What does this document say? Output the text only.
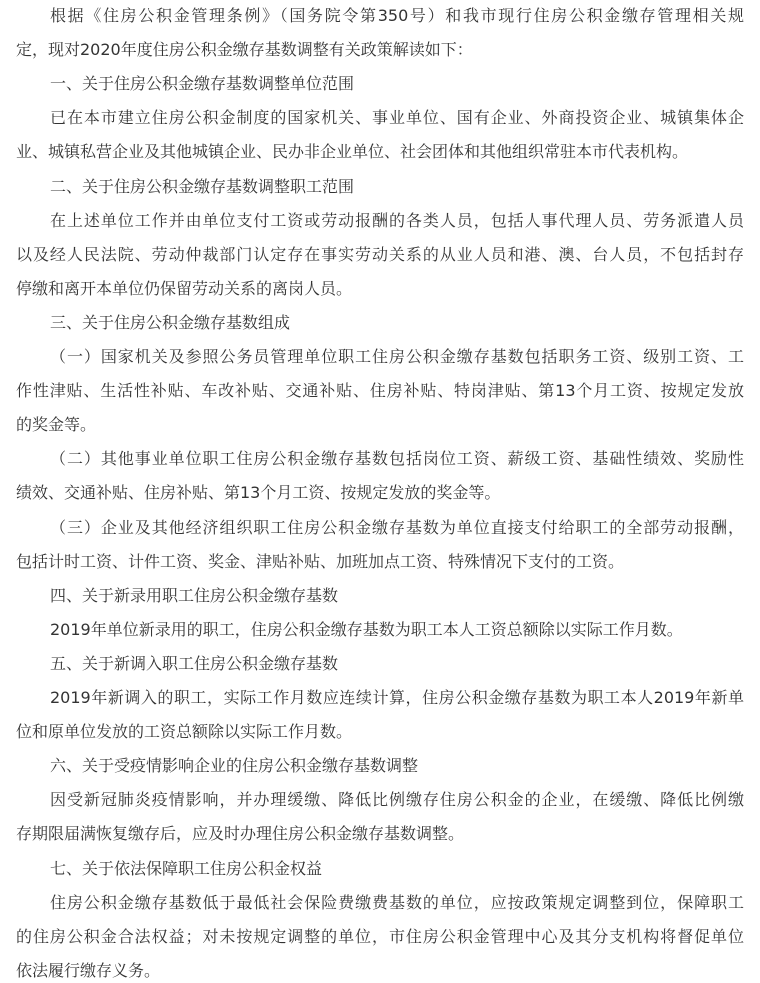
根据《住房公积金管理条例》（国务院令第350号）和我市现行住房公积金缴存管理相关规
定，现对2020年度住房公积金缴存基数调整有关政策解读如下：
一、关于住房公积金缴存基数调整单位范围
已在本市建立住房公积金制度的国家机关、事业单位、国有企业、外商投资企业、城镇集体企
业、城镇私营企业及其他城镇企业、民办非企业单位、社会团体和其他组织常驻本市代表机构。
二、关于住房公积金缴存基数调整职工范围
在上述单位工作并由单位支付工资或劳动报酬的各类人员，包括人事代理人员、劳务派遣人员
以及经人民法院、劳动仲裁部门认定存在事实劳动关系的从业人员和港、澳、台人员，不包括封存
停缴和离开本单位仍保留劳动关系的离岗人员。
三、关于住房公积金缴存基数组成
（一）国家机关及参照公务员管理单位职工住房公积金缴存基数包括职务工资、级别工资、工
作性津贴、生活性补贴、车改补贴、交通补贴、住房补贴、特岗津贴、第13个月工资、按规定发放
的奖金等。
（二）其他事业单位职工住房公积金缴存基数包括岗位工资、薪级工资、基础性绩效、奖励性
绩效、交通补贴、住房补贴、第13个月工资、按规定发放的奖金等。
（三）企业及其他经济组织职工住房公积金缴存基数为单位直接支付给职工的全部劳动报酬，
包括计时工资、计件工资、奖金、津贴补贴、加班加点工资、特殊情况下支付的工资。
四、关于新录用职工住房公积金缴存基数
2019年单位新录用的职工，住房公积金缴存基数为职工本人工资总额除以实际工作月数。
五、关于新调入职工住房公积金缴存基数
2019年新调入的职工，实际工作月数应连续计算，住房公积金缴存基数为职工本人2019年新单
位和原单位发放的工资总额除以实际工作月数。
六、关于受疫情影响企业的住房公积金缴存基数调整
因受新冠肺炎疫情影响，并办理缓缴、降低比例缴存住房公积金的企业，在缓缴、降低比例缴
存期限届满恢复缴存后，应及时办理住房公积金缴存基数调整。
七、关于依法保障职工住房公积金权益
住房公积金缴存基数低于最低社会保险费缴费基数的单位，应按政策规定调整到位，保障职工
的住房公积金合法权益；对未按规定调整的单位，市住房公积金管理中心及其分支机构将督促单位
依法履行缴存义务。
